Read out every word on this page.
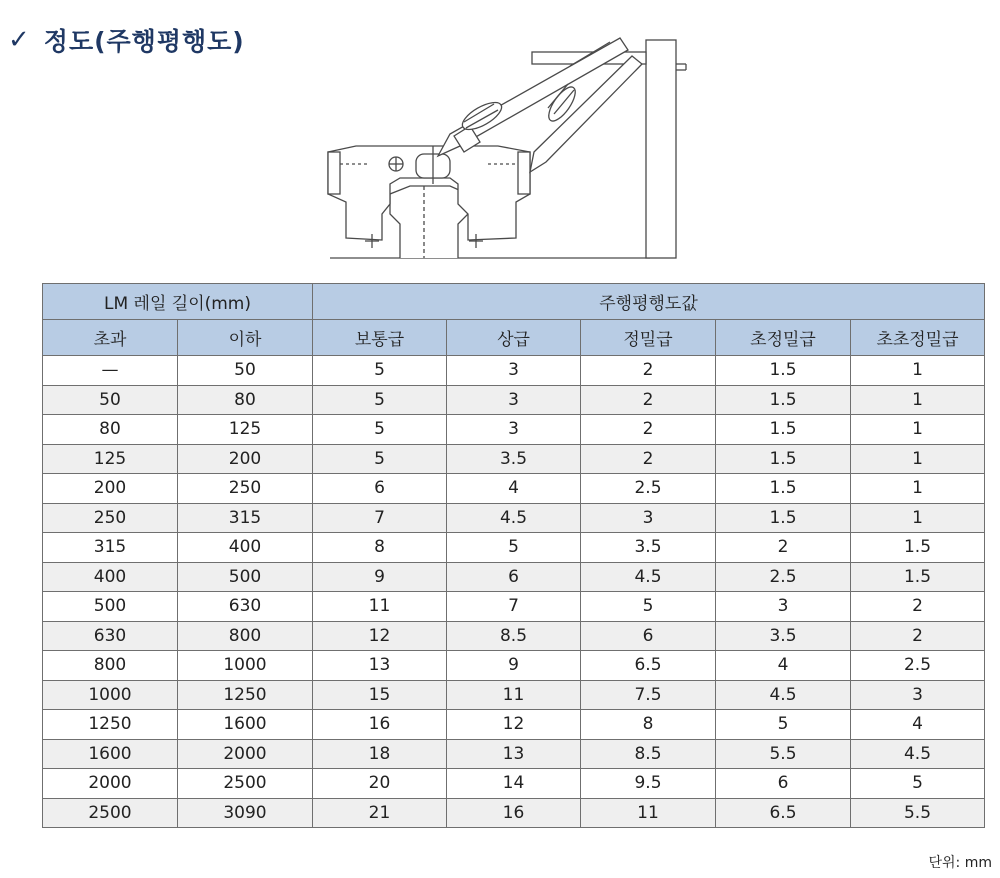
✓ 정도(주행평행도)
LM 레일 길이(mm)		주행평행도값				
초과	이하	보통급	상급	정밀급	초정밀급	초초정밀급
—	50	5	3	2	1.5	1
50	80	5	3	2	1.5	1
80	125	5	3	2	1.5	1
125	200	5	3.5	2	1.5	1
200	250	6	4	2.5	1.5	1
250	315	7	4.5	3	1.5	1
315	400	8	5	3.5	2	1.5
400	500	9	6	4.5	2.5	1.5
500	630	11	7	5	3	2
630	800	12	8.5	6	3.5	2
800	1000	13	9	6.5	4	2.5
1000	1250	15	11	7.5	4.5	3
1250	1600	16	12	8	5	4
1600	2000	18	13	8.5	5.5	4.5
2000	2500	20	14	9.5	6	5
2500	3090	21	16	11	6.5	5.5
단위: mm
